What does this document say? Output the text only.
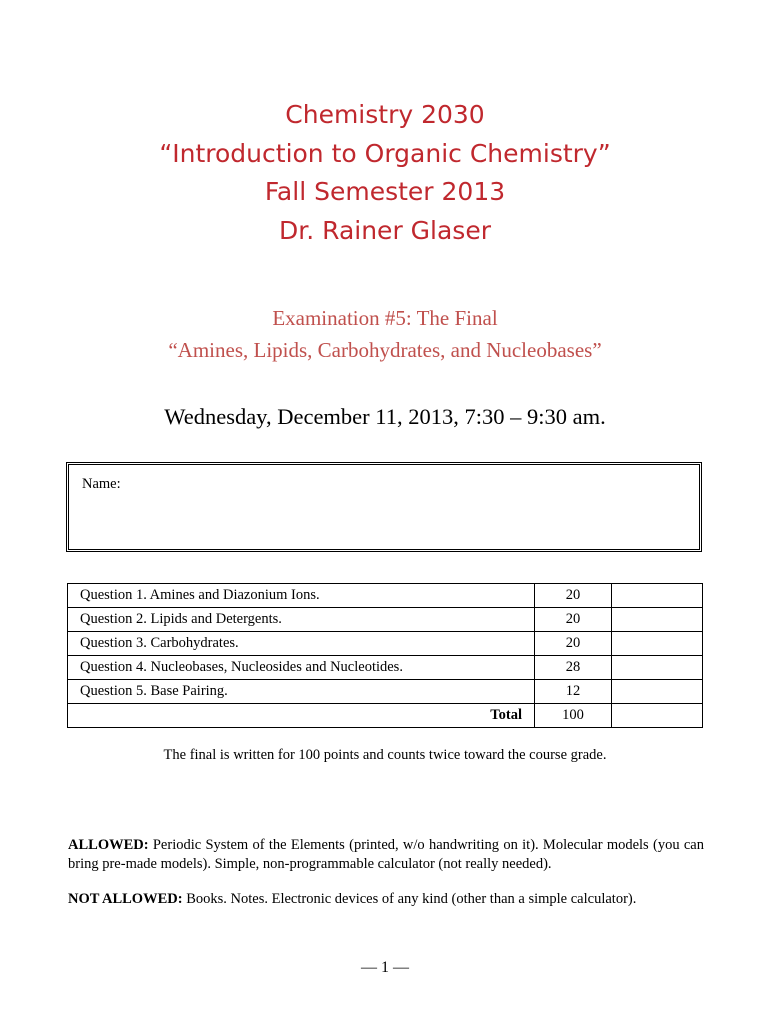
Chemistry 2030
“Introduction to Organic Chemistry”
Fall Semester 2013
Dr. Rainer Glaser
Examination #5: The Final
“Amines, Lipids, Carbohydrates, and Nucleobases”
Wednesday, December 11, 2013, 7:30 – 9:30 am.
Name:
Question 1. Amines and Diazonium Ions.	20	
Question 2. Lipids and Detergents.	20	
Question 3. Carbohydrates.	20	
Question 4. Nucleobases, Nucleosides and Nucleotides.	28	
Question 5. Base Pairing.	12	
Total	100	
The final is written for 100 points and counts twice toward the course grade.
ALLOWED: Periodic System of the Elements (printed, w/o handwriting on it). Molecular models (you can bring pre-made models). Simple, non-programmable calculator (not really needed).
NOT ALLOWED: Books. Notes. Electronic devices of any kind (other than a simple calculator).
— 1 —
